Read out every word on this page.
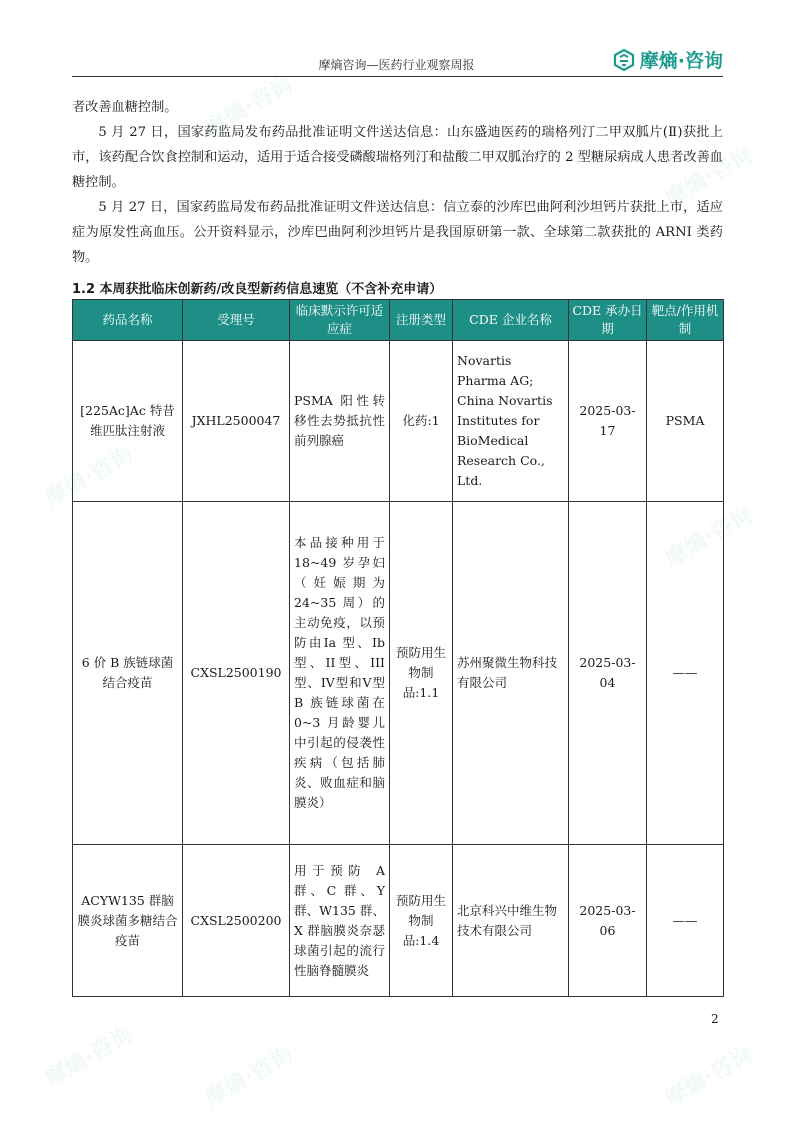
摩熵·咨询
摩熵·咨询
摩熵·咨询
摩熵·咨询
摩熵·咨询	摩熵·咨询	摩熵·咨询
摩熵咨询—医药行业观察周报	摩熵·咨询

者改善血糖控制。

5 月 27 日，国家药监局发布药品批准证明文件送达信息：山东盛迪医药的瑞格列汀二甲双胍片(Ⅱ)获批上市，该药配合饮食控制和运动，适用于适合接受磷酸瑞格列汀和盐酸二甲双胍治疗的 2 型糖尿病成人患者改善血糖控制。

5 月 27 日，国家药监局发布药品批准证明文件送达信息：信立泰的沙库巴曲阿利沙坦钙片获批上市，适应症为原发性高血压。公开资料显示，沙库巴曲阿利沙坦钙片是我国原研第一款、全球第二款获批的 ARNI 类药物。

1.2 本周获批临床创新药/改良型新药信息速览（不含补充申请）
药品名称	受理号	临床默示许可适应症	注册类型	CDE 企业名称	CDE 承办日期	靶点/作用机制
[225Ac]Ac 特昔维匹肽注射液	JXHL2500047	PSMA 阳性转移性去势抵抗性前列腺癌	化药:1	Novartis Pharma AG; China Novartis Institutes for BioMedical Research Co., Ltd.	2025-03-17	PSMA
6 价 B 族链球菌结合疫苗	CXSL2500190	本品接种用于 18~49 岁孕妇（妊娠期为 24~35 周）的主动免疫，以预防由Ia 型、Ib 型、II型、III型、IV型和V型 B 族链球菌在 0~3 月龄婴儿中引起的侵袭性疾病（包括肺炎、败血症和脑膜炎）	预防用生物制品:1.1	苏州聚微生物科技有限公司	2025-03-04	——
ACYW135 群脑膜炎球菌多糖结合疫苗	CXSL2500200	用于预防 A 群、C 群、Y 群、W135 群、X 群脑膜炎奈瑟球菌引起的流行性脑脊髓膜炎	预防用生物制品:1.4	北京科兴中维生物技术有限公司	2025-03-06	——
2
